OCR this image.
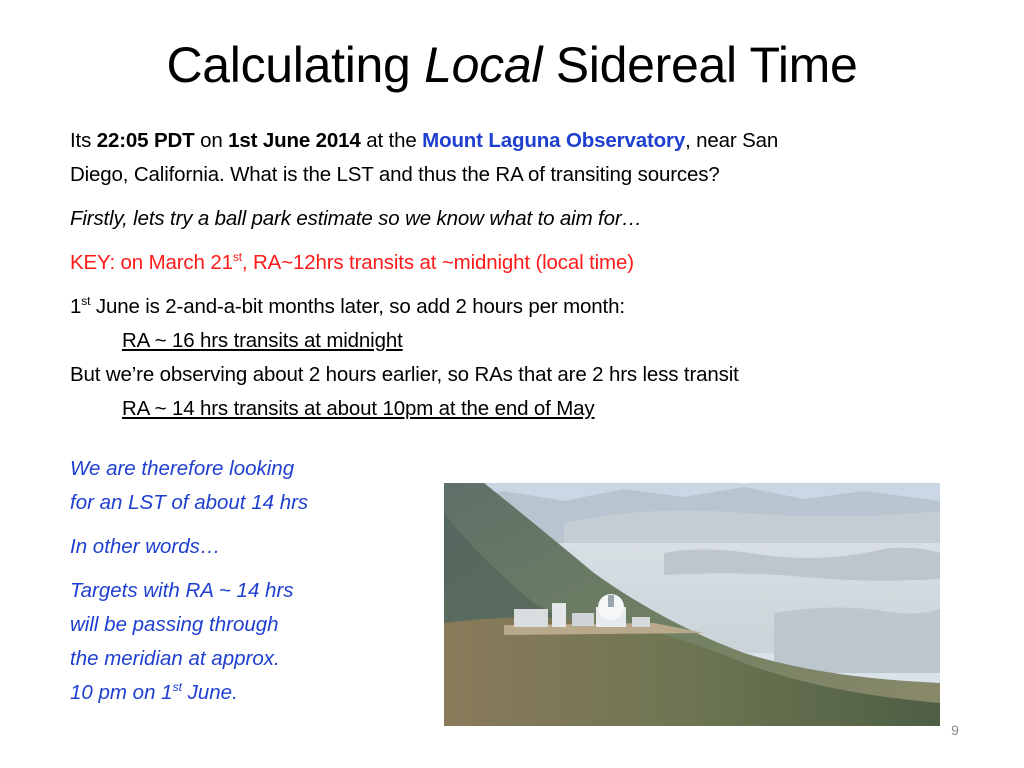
Calculating Local Sidereal Time

Its 22:05 PDT on 1st June 2014 at the Mount Laguna Observatory, near San
Diego, California. What is the LST and thus the RA of transiting sources?

Firstly, lets try a ball park estimate so we know what to aim for…

KEY: on March 21st, RA~12hrs transits at ~midnight (local time)

1st June is 2-and-a-bit months later, so add 2 hours per month:

RA ~ 16 hrs transits at midnight

But we’re observing about 2 hours earlier, so RAs that are 2 hrs less transit

RA ~ 14 hrs transits at about 10pm at the end of May

We are therefore looking
for an LST of about 14 hrs

In other words…

Targets with RA ~ 14 hrs
will be passing through
the meridian at approx.
10 pm on 1st June.

9
